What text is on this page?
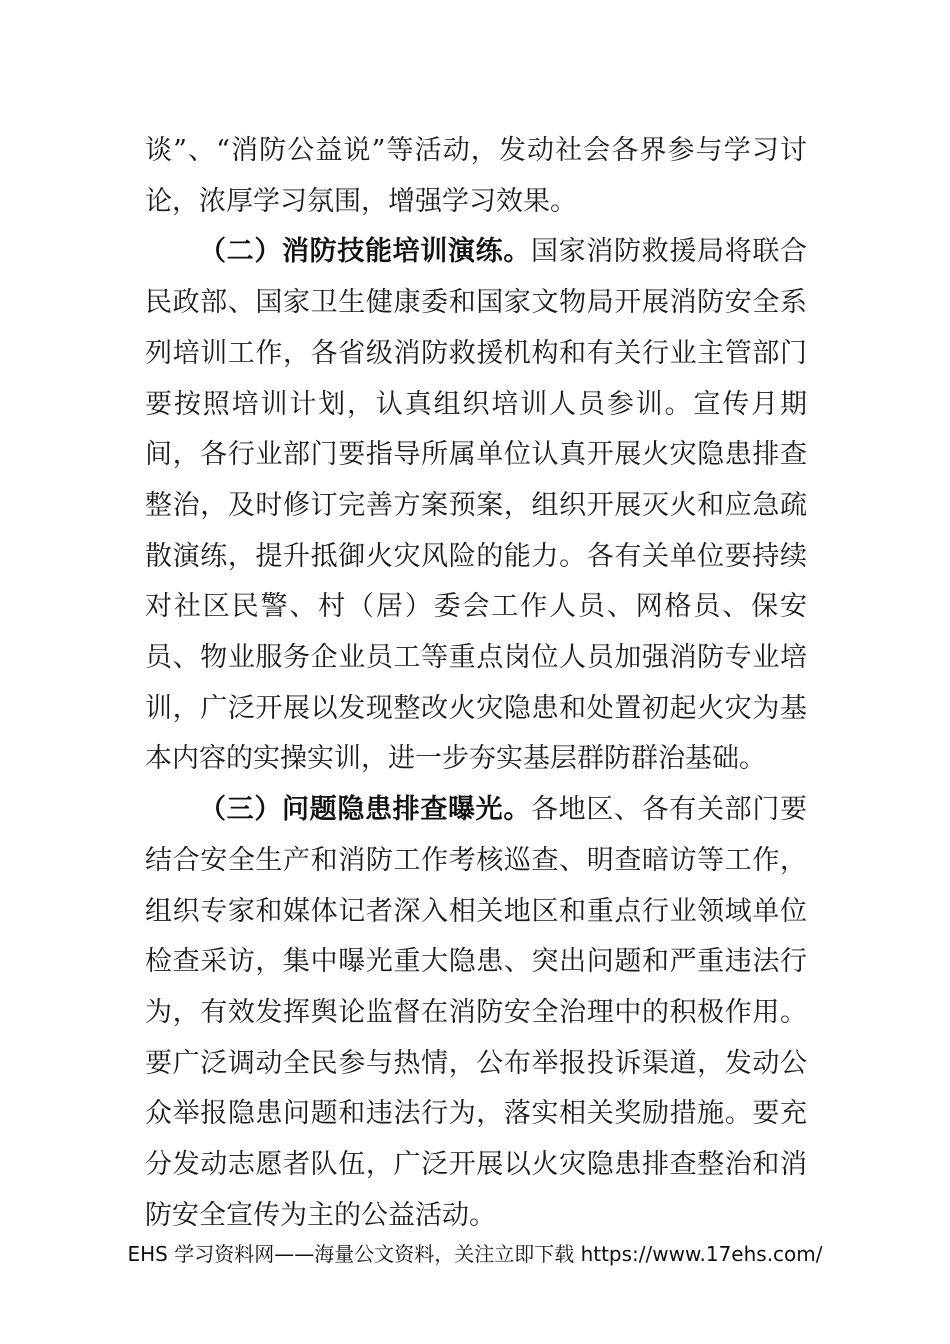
谈”、“消防公益说”等活动，发动社会各界参与学习讨论，浓厚学习氛围，增强学习效果。

（二）消防技能培训演练。国家消防救援局将联合民政部、国家卫生健康委和国家文物局开展消防安全系列培训工作，各省级消防救援机构和有关行业主管部门要按照培训计划，认真组织培训人员参训。宣传月期间，各行业部门要指导所属单位认真开展火灾隐患排查整治，及时修订完善方案预案，组织开展灭火和应急疏散演练，提升抵御火灾风险的能力。各有关单位要持续对社区民警、村（居）委会工作人员、网格员、保安员、物业服务企业员工等重点岗位人员加强消防专业培训，广泛开展以发现整改火灾隐患和处置初起火灾为基本内容的实操实训，进一步夯实基层群防群治基础。

（三）问题隐患排查曝光。各地区、各有关部门要结合安全生产和消防工作考核巡查、明查暗访等工作，组织专家和媒体记者深入相关地区和重点行业领域单位检查采访，集中曝光重大隐患、突出问题和严重违法行为，有效发挥舆论监督在消防安全治理中的积极作用。要广泛调动全民参与热情，公布举报投诉渠道，发动公众举报隐患问题和违法行为，落实相关奖励措施。要充分发动志愿者队伍，广泛开展以火灾隐患排查整治和消防安全宣传为主的公益活动。

EHS 学习资料网——海量公文资料，关注立即下载 https://www.17ehs.com/
